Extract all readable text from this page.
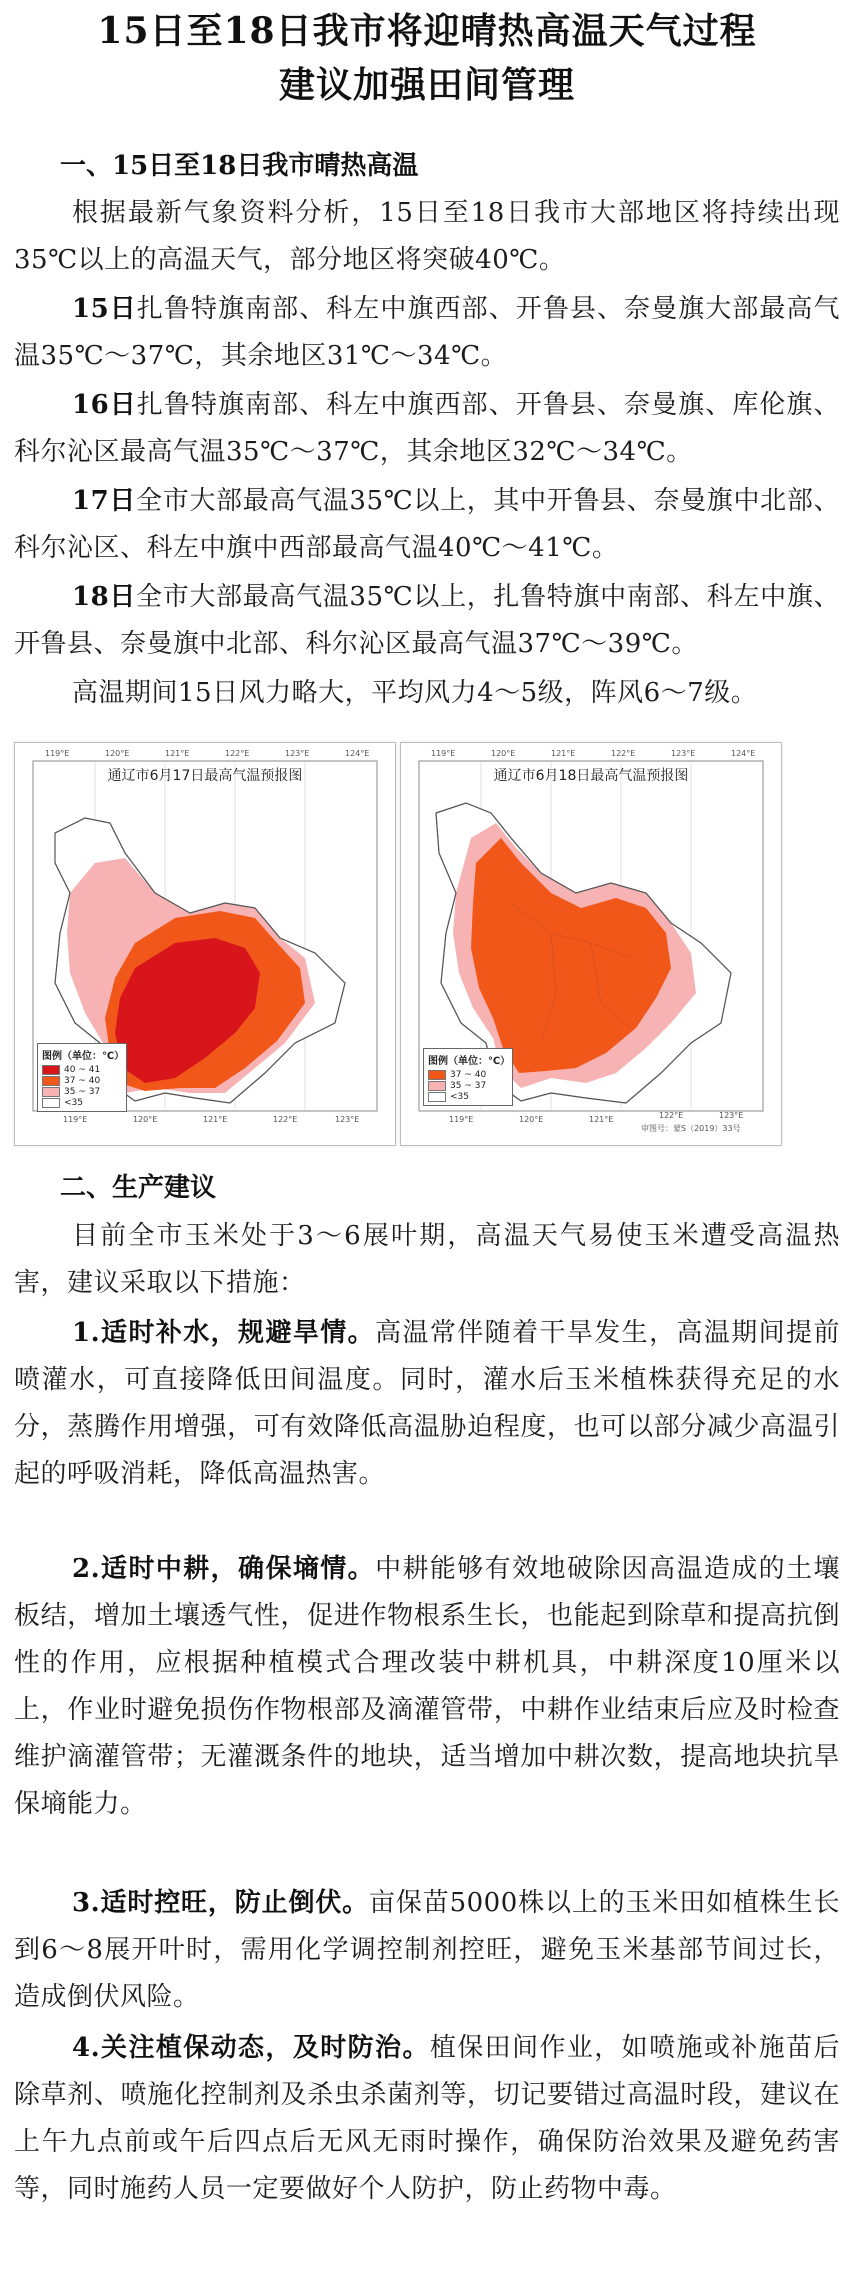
15日至18日我市将迎晴热高温天气过程
建议加强田间管理
一、15日至18日我市晴热高温
根据最新气象资料分析，15日至18日我市大部地区将持续出现35℃以上的高温天气，部分地区将突破40℃。
15日扎鲁特旗南部、科左中旗西部、开鲁县、奈曼旗大部最高气温35℃～37℃，其余地区31℃～34℃。
16日扎鲁特旗南部、科左中旗西部、开鲁县、奈曼旗、库伦旗、科尔沁区最高气温35℃～37℃，其余地区32℃～34℃。
17日全市大部最高气温35℃以上，其中开鲁县、奈曼旗中北部、科尔沁区、科左中旗中西部最高气温40℃～41℃。
18日全市大部最高气温35℃以上，扎鲁特旗中南部、科左中旗、开鲁县、奈曼旗中北部、科尔沁区最高气温37℃～39℃。
高温期间15日风力略大，平均风力4～5级，阵风6～7级。
通辽市6月17日最高气温预报图
图例（单位：℃）
40 ~ 41
37 ~ 40
35 ~ 37
<35
119°E	120°E	121°E	122°E	123°E
119°E	120°E	121°E	122°E	123°E	124°E
通辽市6月18日最高气温预报图
图例（单位：℃）
37 ~ 40
35 ~ 37
<35
审图号：蒙S（2019）33号
119°E	120°E	121°E	122°E	123°E
119°E	120°E	121°E	122°E	123°E	124°E
二、生产建议
目前全市玉米处于3～6展叶期，高温天气易使玉米遭受高温热害，建议采取以下措施：
1.适时补水，规避旱情。高温常伴随着干旱发生，高温期间提前喷灌水，可直接降低田间温度。同时，灌水后玉米植株获得充足的水分，蒸腾作用增强，可有效降低高温胁迫程度，也可以部分减少高温引起的呼吸消耗，降低高温热害。
2.适时中耕，确保墒情。中耕能够有效地破除因高温造成的土壤板结，增加土壤透气性，促进作物根系生长，也能起到除草和提高抗倒性的作用，应根据种植模式合理改装中耕机具，中耕深度10厘米以上，作业时避免损伤作物根部及滴灌管带，中耕作业结束后应及时检查维护滴灌管带；无灌溉条件的地块，适当增加中耕次数，提高地块抗旱保墒能力。
3.适时控旺，防止倒伏。亩保苗5000株以上的玉米田如植株生长到6～8展开叶时，需用化学调控制剂控旺，避免玉米基部节间过长，造成倒伏风险。
4.关注植保动态，及时防治。植保田间作业，如喷施或补施苗后除草剂、喷施化控制剂及杀虫杀菌剂等，切记要错过高温时段，建议在上午九点前或午后四点后无风无雨时操作，确保防治效果及避免药害等，同时施药人员一定要做好个人防护，防止药物中毒。
